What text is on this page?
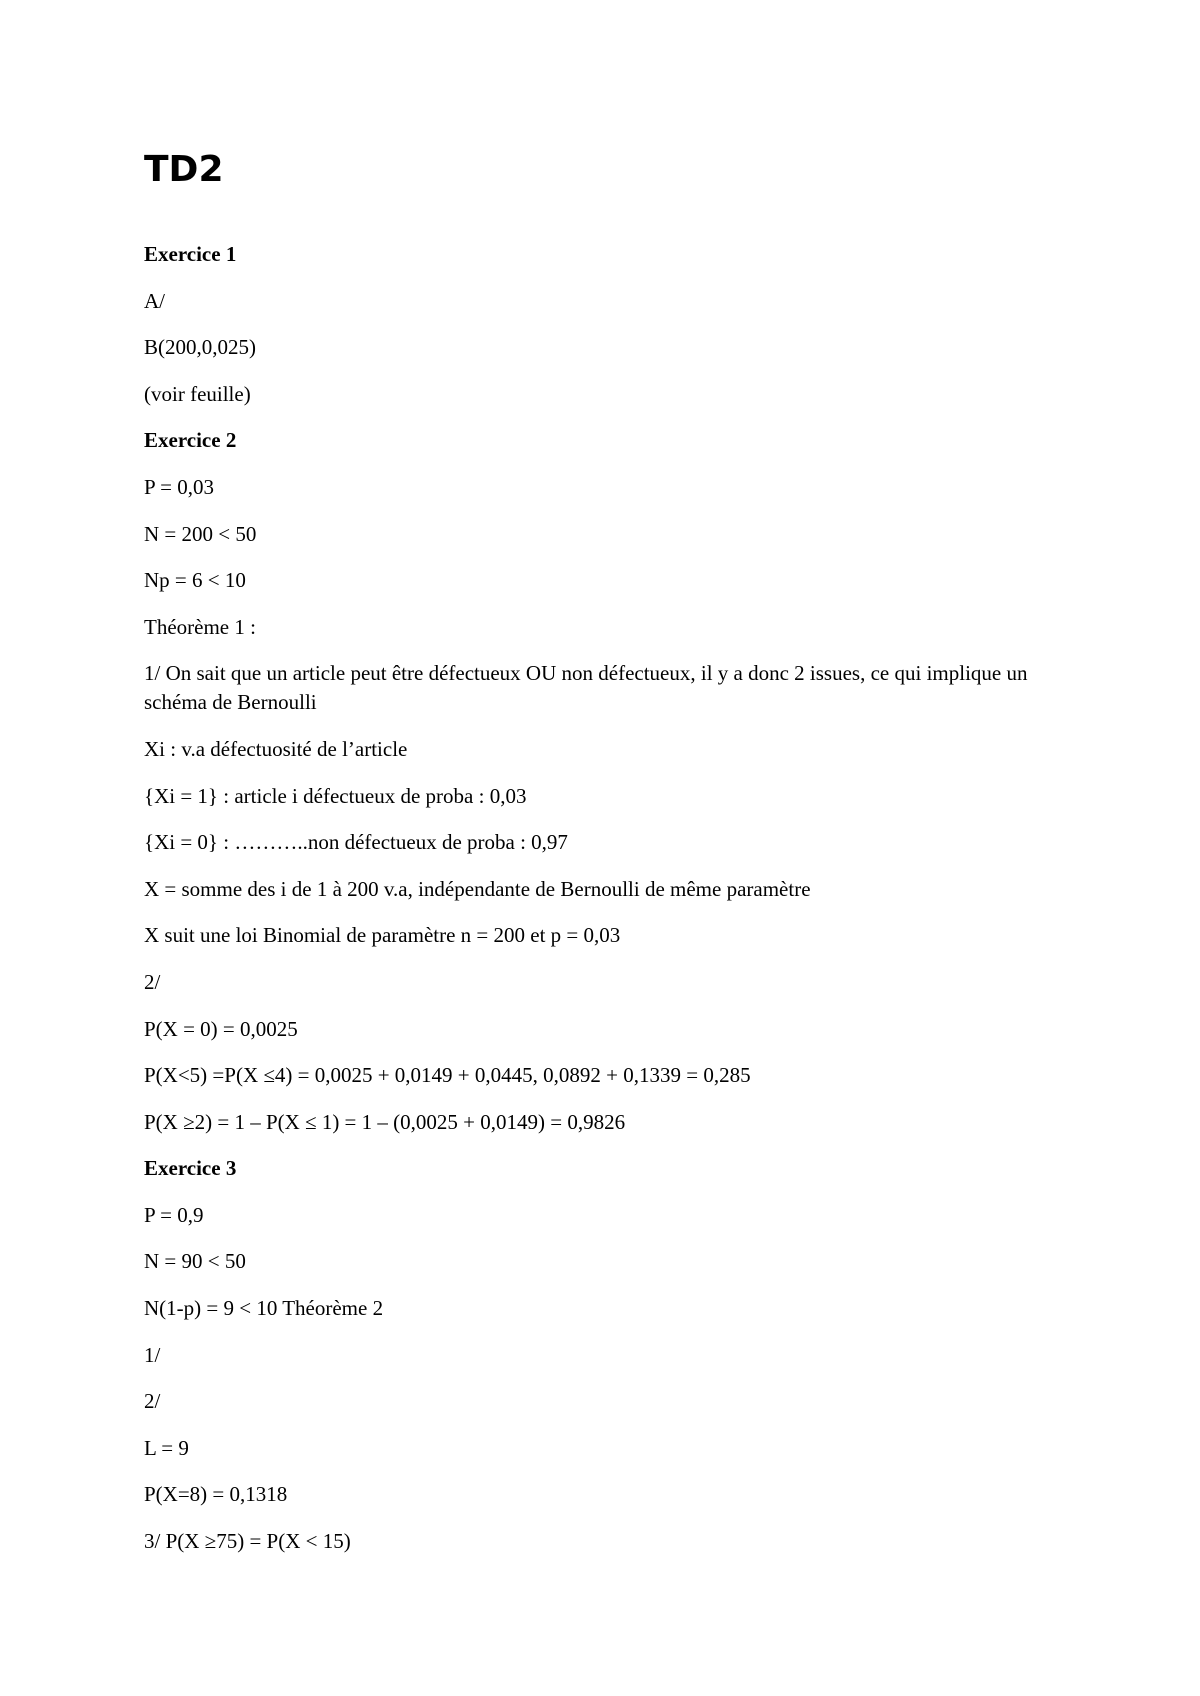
TD2

Exercice 1

A/

B(200,0,025)

(voir feuille)

Exercice 2

P = 0,03

N = 200 < 50

Np = 6 < 10

Théorème 1 :

1/ On sait que un article peut être défectueux OU non défectueux, il y a donc 2 issues, ce qui implique un schéma de Bernoulli

Xi : v.a défectuosité de l’article

{Xi = 1} : article i défectueux de proba : 0,03

{Xi = 0} : ………..non défectueux de proba : 0,97

X = somme des i de 1 à 200 v.a, indépendante de Bernoulli de même paramètre

X suit une loi Binomial de paramètre n = 200 et p = 0,03

2/

P(X = 0) = 0,0025

P(X<5) =P(X ≤4) = 0,0025 + 0,0149 + 0,0445, 0,0892 + 0,1339 = 0,285

P(X ≥2) = 1 – P(X ≤ 1) = 1 – (0,0025 + 0,0149) = 0,9826

Exercice 3

P = 0,9

N = 90 < 50

N(1-p) = 9 < 10 Théorème 2

1/

2/

L = 9

P(X=8) = 0,1318

3/ P(X ≥75) = P(X < 15)
